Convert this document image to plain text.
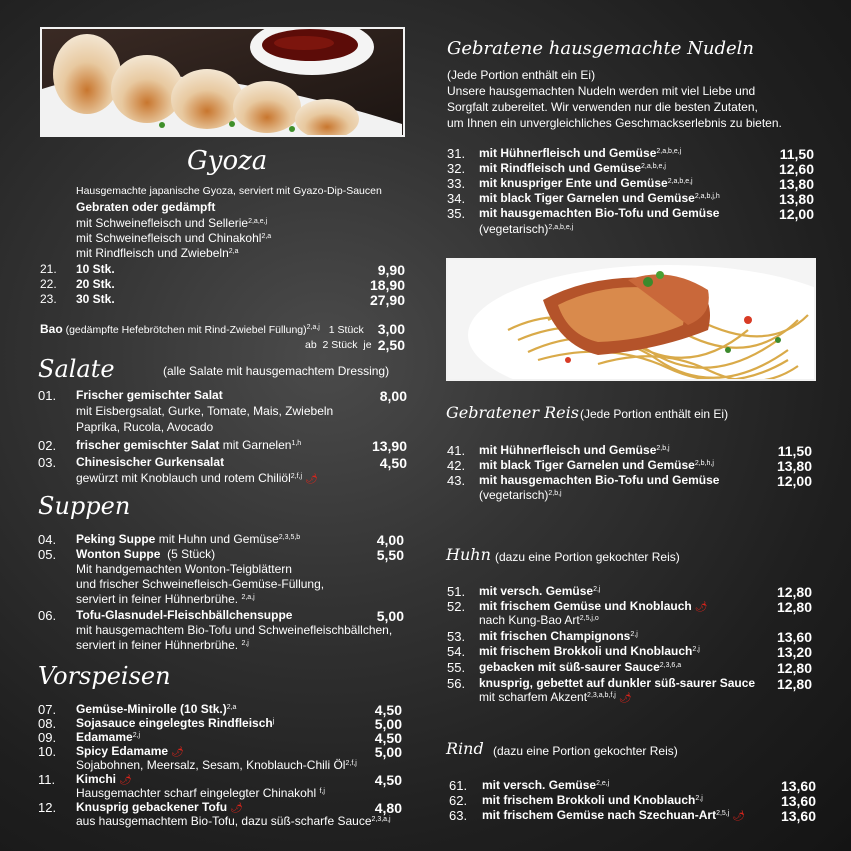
Gyoza
Hausgemachte japanische Gyoza, serviert mit Gyazo-Dip-Saucen
Gebraten oder gedämpft
mit Schweinefleisch und Sellerie$^{2,a,e,j}$
mit Schweinefleisch und Chinakohl$^{2,a}$
mit Rindfleisch und Zwiebeln$^{2,a}$
21. 10 Stk.	9,90
22. 20 Stk.	18,90
23. 30 Stk.	27,90
Bao (gedämpfte Hefebrötchen mit Rind-Zwiebel Füllung)$^{2,a,j}$ 1 Stück 3,00
ab  2 Stück  je 2,50
Salate	(alle Salate mit hausgemachtem Dressing)
01. Frischer gemischter Salat	8,00
mit Eisbergsalat, Gurke, Tomate, Mais, Zwiebeln
Paprika, Rucola, Avocado
02. frischer gemischter Salat mit Garnelen$^{1,h}$	13,90
03. Chinesischer Gurkensalat	4,50
gewürzt mit Knoblauch und rotem Chiliöl$^{2,f,j}$ 🌶
Suppen
04. Peking Suppe mit Huhn und Gemüse$^{2,3,5,b}$	4,00
05. Wonton Suppe (5 Stück)	5,50
Mit handgemachten Wonton-Teigblättern
und frischer Schweinefleisch-Gemüse-Füllung,
serviert in feiner Hühnerbrühe. $^{2,a,j}$
06. Tofu-Glasnudel-Fleischbällchensuppe	5,00
mit hausgemachtem Bio-Tofu und Schweinefleischbällchen,
serviert in feiner Hühnerbrühe. $^{2,j}$
Vorspeisen
07. Gemüse-Minirolle (10 Stk.)$^{2,a}$	4,50
08. Sojasauce eingelegtes Rindfleisch$^j$	5,00
09. Edamame$^{2,j}$	4,50
10. Spicy Edamame 🌶	5,00
Sojabohnen, Meersalz, Sesam, Knoblauch-Chili Öl$^{2,f,j}$
11. Kimchi 🌶	4,50
Hausgemachter scharf eingelegter Chinakohl $^{f,j}$
12. Knusprig gebackener Tofu 🌶	4,80
aus hausgemachtem Bio-Tofu, dazu süß-scharfe Sauce$^{2,3,a,j}$
Gebratene hausgemachte Nudeln
(Jede Portion enthält ein Ei)
Unsere hausgemachten Nudeln werden mit viel Liebe und
Sorgfalt zubereitet. Wir verwenden nur die besten Zutaten,
um Ihnen ein unvergleichliches Geschmackserlebnis zu bieten.
31. mit Hühnerfleisch und Gemüse$^{2,a,b,e,j}$	11,50
32. mit Rindfleisch und Gemüse$^{2,a,b,e,j}$	12,60
33. mit knuspriger Ente und Gemüse$^{2,a,b,e,j}$	13,80
34. mit black Tiger Garnelen und Gemüse$^{2,a,b,j,h}$	13,80
35. mit hausgemachten Bio-Tofu und Gemüse	12,00
(vegetarisch)$^{2,a,b,e,j}$
Gebratener Reis (Jede Portion enthält ein Ei)
41. mit Hühnerfleisch und Gemüse$^{2,b,j}$	11,50
42. mit black Tiger Garnelen und Gemüse$^{2,b,h,j}$	13,80
43. mit hausgemachten Bio-Tofu und Gemüse	12,00
(vegetarisch)$^{2,b,j}$
Huhn (dazu eine Portion gekochter Reis)
51. mit versch. Gemüse$^{2,j}$	12,80
52. mit frischem Gemüse und Knoblauch 🌶	12,80
nach Kung-Bao Art$^{2,5,j,o}$
53. mit frischen Champignons$^{2,j}$	13,60
54. mit frischem Brokkoli und Knoblauch$^{2,j}$	13,20
55. gebacken mit süß-saurer Sauce$^{2,3,6,a}$	12,80
56. knusprig, gebettet auf dunkler süß-saurer Sauce 12,80
mit scharfem Akzent$^{2,3,a,b,f,j}$ 🌶
Rind (dazu eine Portion gekochter Reis)
61. mit versch. Gemüse$^{2,e,j}$	13,60
62. mit frischem Brokkoli und Knoblauch$^{2,j}$	13,60
63. mit frischem Gemüse nach Szechuan-Art$^{2,5,j}$ 🌶	13,60
